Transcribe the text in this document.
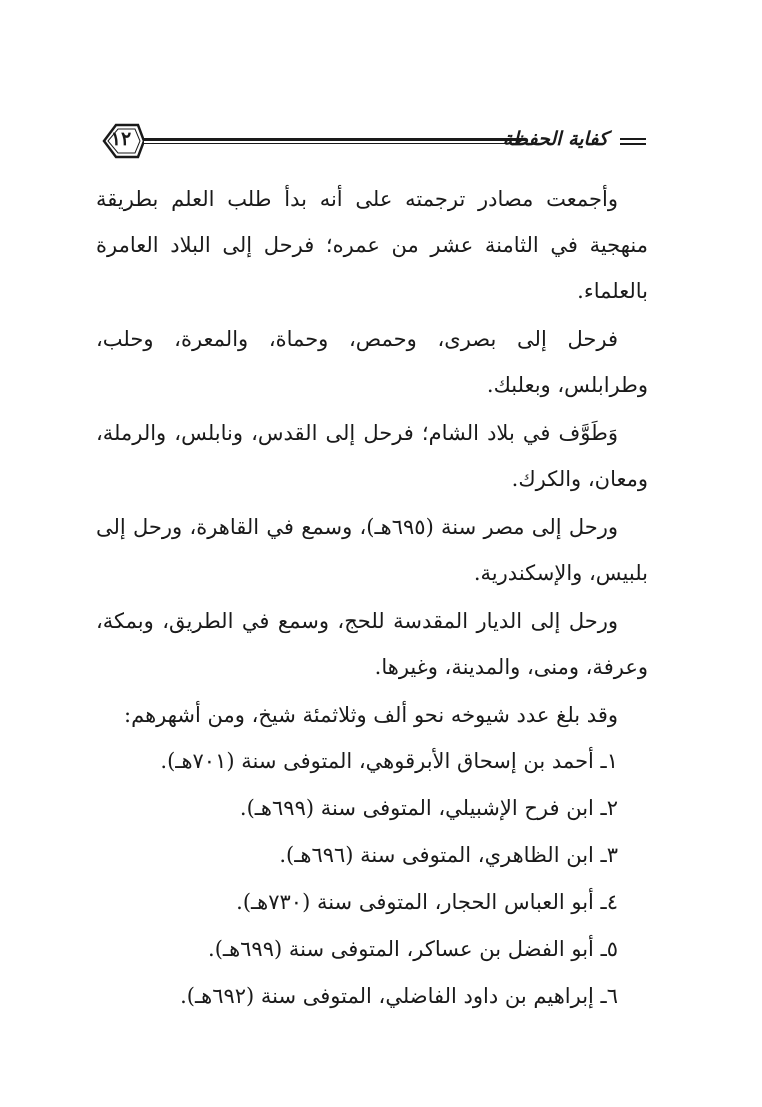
١٢	كفاية الحفظة

وأجمعت مصادر ترجمته على أنه بدأ طلب العلم بطريقة منهجية في الثامنة عشر من عمره؛ فرحل إلى البلاد العامرة بالعلماء.

فرحل إلى بصرى، وحمص، وحماة، والمعرة، وحلب، وطرابلس، وبعلبك.

وَطَوَّف في بلاد الشام؛ فرحل إلى القدس، ونابلس، والرملة، ومعان، والكرك.

ورحل إلى مصر سنة (٦٩٥هـ)، وسمع في القاهرة، ورحل إلى بلبيس، والإسكندرية.

ورحل إلى الديار المقدسة للحج، وسمع في الطريق، وبمكة، وعرفة، ومنى، والمدينة، وغيرها.

وقد بلغ عدد شيوخه نحو ألف وثلاثمئة شيخ، ومن أشهرهم:

١ـ أحمد بن إسحاق الأبرقوهي، المتوفى سنة (٧٠١هـ).
٢ـ ابن فرح الإشبيلي، المتوفى سنة (٦٩٩هـ).
٣ـ ابن الظاهري، المتوفى سنة (٦٩٦هـ).
٤ـ أبو العباس الحجار، المتوفى سنة (٧٣٠هـ).
٥ـ أبو الفضل بن عساكر، المتوفى سنة (٦٩٩هـ).
٦ـ إبراهيم بن داود الفاضلي، المتوفى سنة (٦٩٢هـ).
